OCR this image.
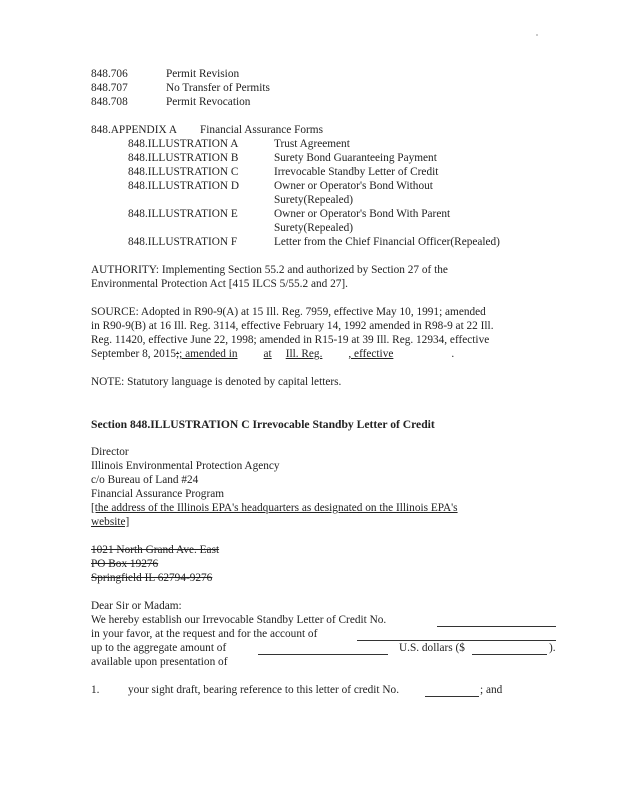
848.706	Permit Revision
848.707	No Transfer of Permits
848.708	Permit Revocation
848.APPENDIX A Financial Assurance Forms
848.ILLUSTRATION A	Trust Agreement
848.ILLUSTRATION B	Surety Bond Guaranteeing Payment
848.ILLUSTRATION C	Irrevocable Standby Letter of Credit
848.ILLUSTRATION D	Owner or Operator's Bond Without
Surety(Repealed)
848.ILLUSTRATION E	Owner or Operator's Bond With Parent
Surety(Repealed)
848.ILLUSTRATION F	Letter from the Chief Financial Officer(Repealed)
AUTHORITY: Implementing Section 55.2 and authorized by Section 27 of the
Environmental Protection Act [415 ILCS 5/55.2 and 27].
SOURCE: Adopted in R90-9(A) at 15 Ill. Reg. 7959, effective May 10, 1991; amended
in R90-9(B) at 16 Ill. Reg. 3114, effective February 14, 1992 amended in R98-9 at 22 Ill.
Reg. 11420, effective June 22, 1998; amended in R15-19 at 39 Ill. Reg. 12934, effective
September 8, 2015;; amended in at Ill. Reg. , effective	.
NOTE: Statutory language is denoted by capital letters.
Section 848.ILLUSTRATION C Irrevocable Standby Letter of Credit
Director
Illinois Environmental Protection Agency
c/o Bureau of Land #24
Financial Assurance Program
[the address of the Illinois EPA's headquarters as designated on the Illinois EPA's
website]
1021 North Grand Ave. East
PO Box 19276
Springfield IL 62794-9276
Dear Sir or Madam:
We hereby establish our Irrevocable Standby Letter of Credit No.
in your favor, at the request and for the account of
up to the aggregate amount of	U.S. dollars ($	).
available upon presentation of
1.	your sight draft, bearing reference to this letter of credit No.	; and
